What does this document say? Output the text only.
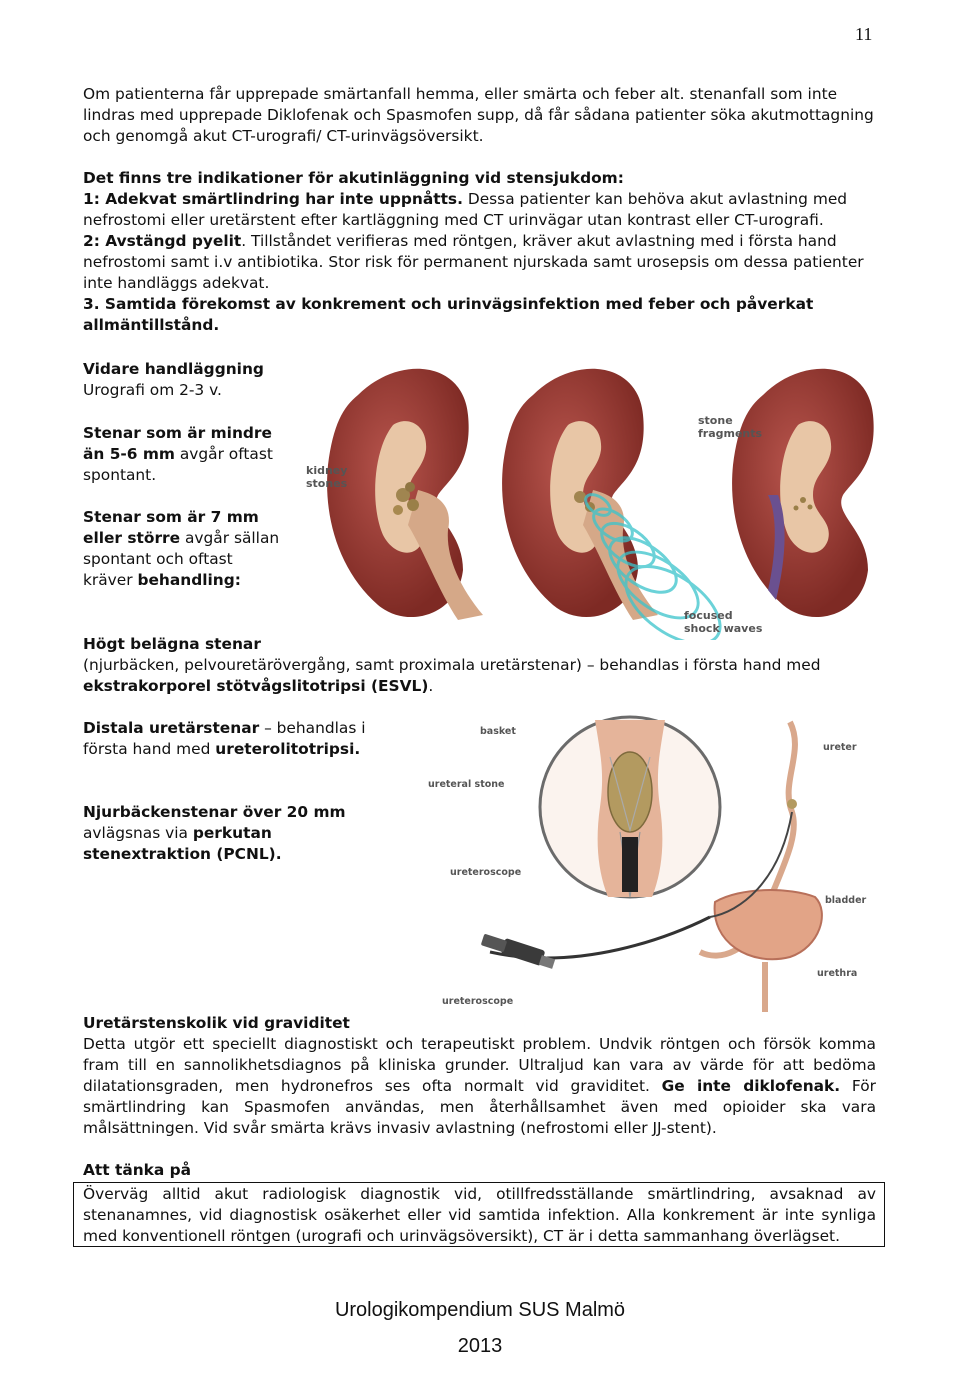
11
Om patienterna får upprepade smärtanfall hemma, eller smärta och feber alt. stenanfall som inte
lindras med upprepade Diklofenak och Spasmofen supp, då får sådana patienter söka akutmottagning
och genomgå akut CT-urografi/ CT-urinvägsöversikt.
Det finns tre indikationer för akutinläggning vid stensjukdom:
1: Adekvat smärtlindring har inte uppnåtts. Dessa patienter kan behöva akut avlastning med
nefrostomi eller uretärstent efter kartläggning med CT urinvägar utan kontrast eller CT-urografi.
2: Avstängd pyelit. Tillståndet verifieras med röntgen, kräver akut avlastning med i första hand
nefrostomi samt i.v antibiotika. Stor risk för permanent njurskada samt urosepsis om dessa patienter
inte handläggs adekvat.
3. Samtida förekomst av konkrement och urinvägsinfektion med feber och påverkat
allmäntillstånd.
Vidare handläggning
Urografi om 2-3 v.
Stenar som är mindre
än 5-6 mm avgår oftast
spontant.
Stenar som är 7 mm
eller större avgår sällan
spontant och oftast
kräver behandling:
kidney
stones
focused
shock waves
stone
fragments
Högt belägna stenar
(njurbäcken, pelvouretärövergång, samt proximala uretärstenar) – behandlas i första hand med
ekstrakorporel stötvågslitotripsi (ESVL).
Distala uretärstenar – behandlas i
första hand med ureterolitotripsi.
Njurbäckenstenar över 20 mm
avlägsnas via perkutan
stenextraktion (PCNL).
basket
ureter
ureteral stone
ureteroscope
bladder
urethra
ureteroscope
Uretärstenskolik vid graviditet
Detta utgör ett speciellt diagnostiskt och terapeutiskt problem. Undvik röntgen och försök komma
fram till en sannolikhetsdiagnos på kliniska grunder. Ultraljud kan vara av värde för att bedöma
dilatationsgraden, men hydronefros ses ofta normalt vid graviditet. Ge inte diklofenak. För
smärtlindring kan Spasmofen användas, men återhållsamhet även med opioider ska vara
målsättningen. Vid svår smärta krävs invasiv avlastning (nefrostomi eller JJ-stent).
Att tänka på
Överväg alltid akut radiologisk diagnostik vid, otillfredsställande smärtlindring, avsaknad av
stenanamnes, vid diagnostisk osäkerhet eller vid samtida infektion. Alla konkrement är inte synliga
med konventionell röntgen (urografi och urinvägsöversikt), CT är i detta sammanhang överlägset.
Urologikompendium SUS Malmö
2013
